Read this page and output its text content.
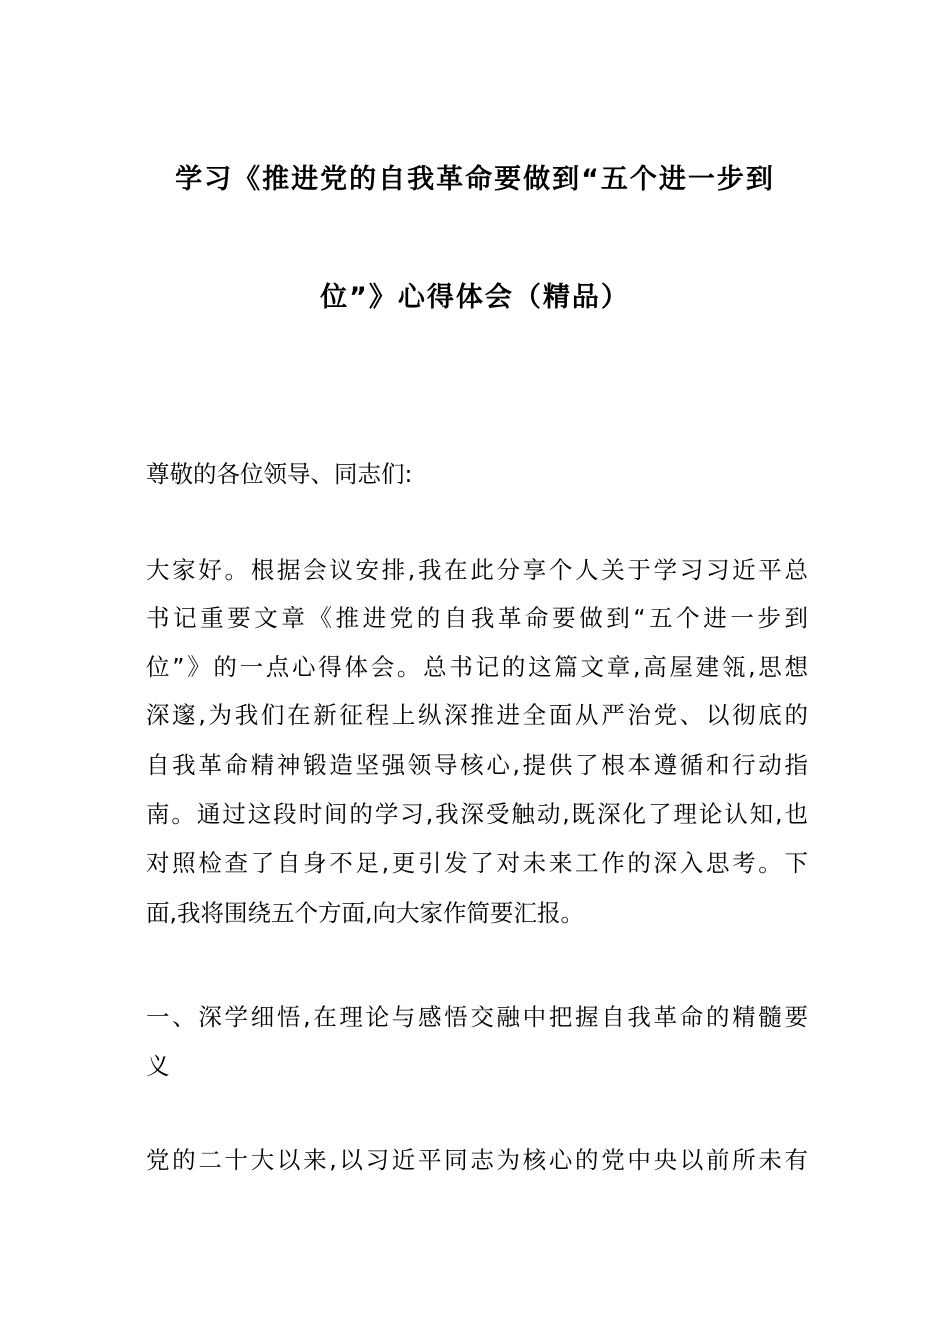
学习《推进党的自我革命要做到“五个进一步到
位”》心得体会（精品）
尊敬的各位领导、同志们:
大家好。根据会议安排,我在此分享个人关于学习习近平总
书记重要文章《推进党的自我革命要做到“五个进一步到
位”》的一点心得体会。总书记的这篇文章,高屋建瓴,思想
深邃,为我们在新征程上纵深推进全面从严治党、以彻底的
自我革命精神锻造坚强领导核心,提供了根本遵循和行动指
南。通过这段时间的学习,我深受触动,既深化了理论认知,也
对照检查了自身不足,更引发了对未来工作的深入思考。下
面,我将围绕五个方面,向大家作简要汇报。
一、深学细悟,在理论与感悟交融中把握自我革命的精髓要
义
党的二十大以来,以习近平同志为核心的党中央以前所未有
